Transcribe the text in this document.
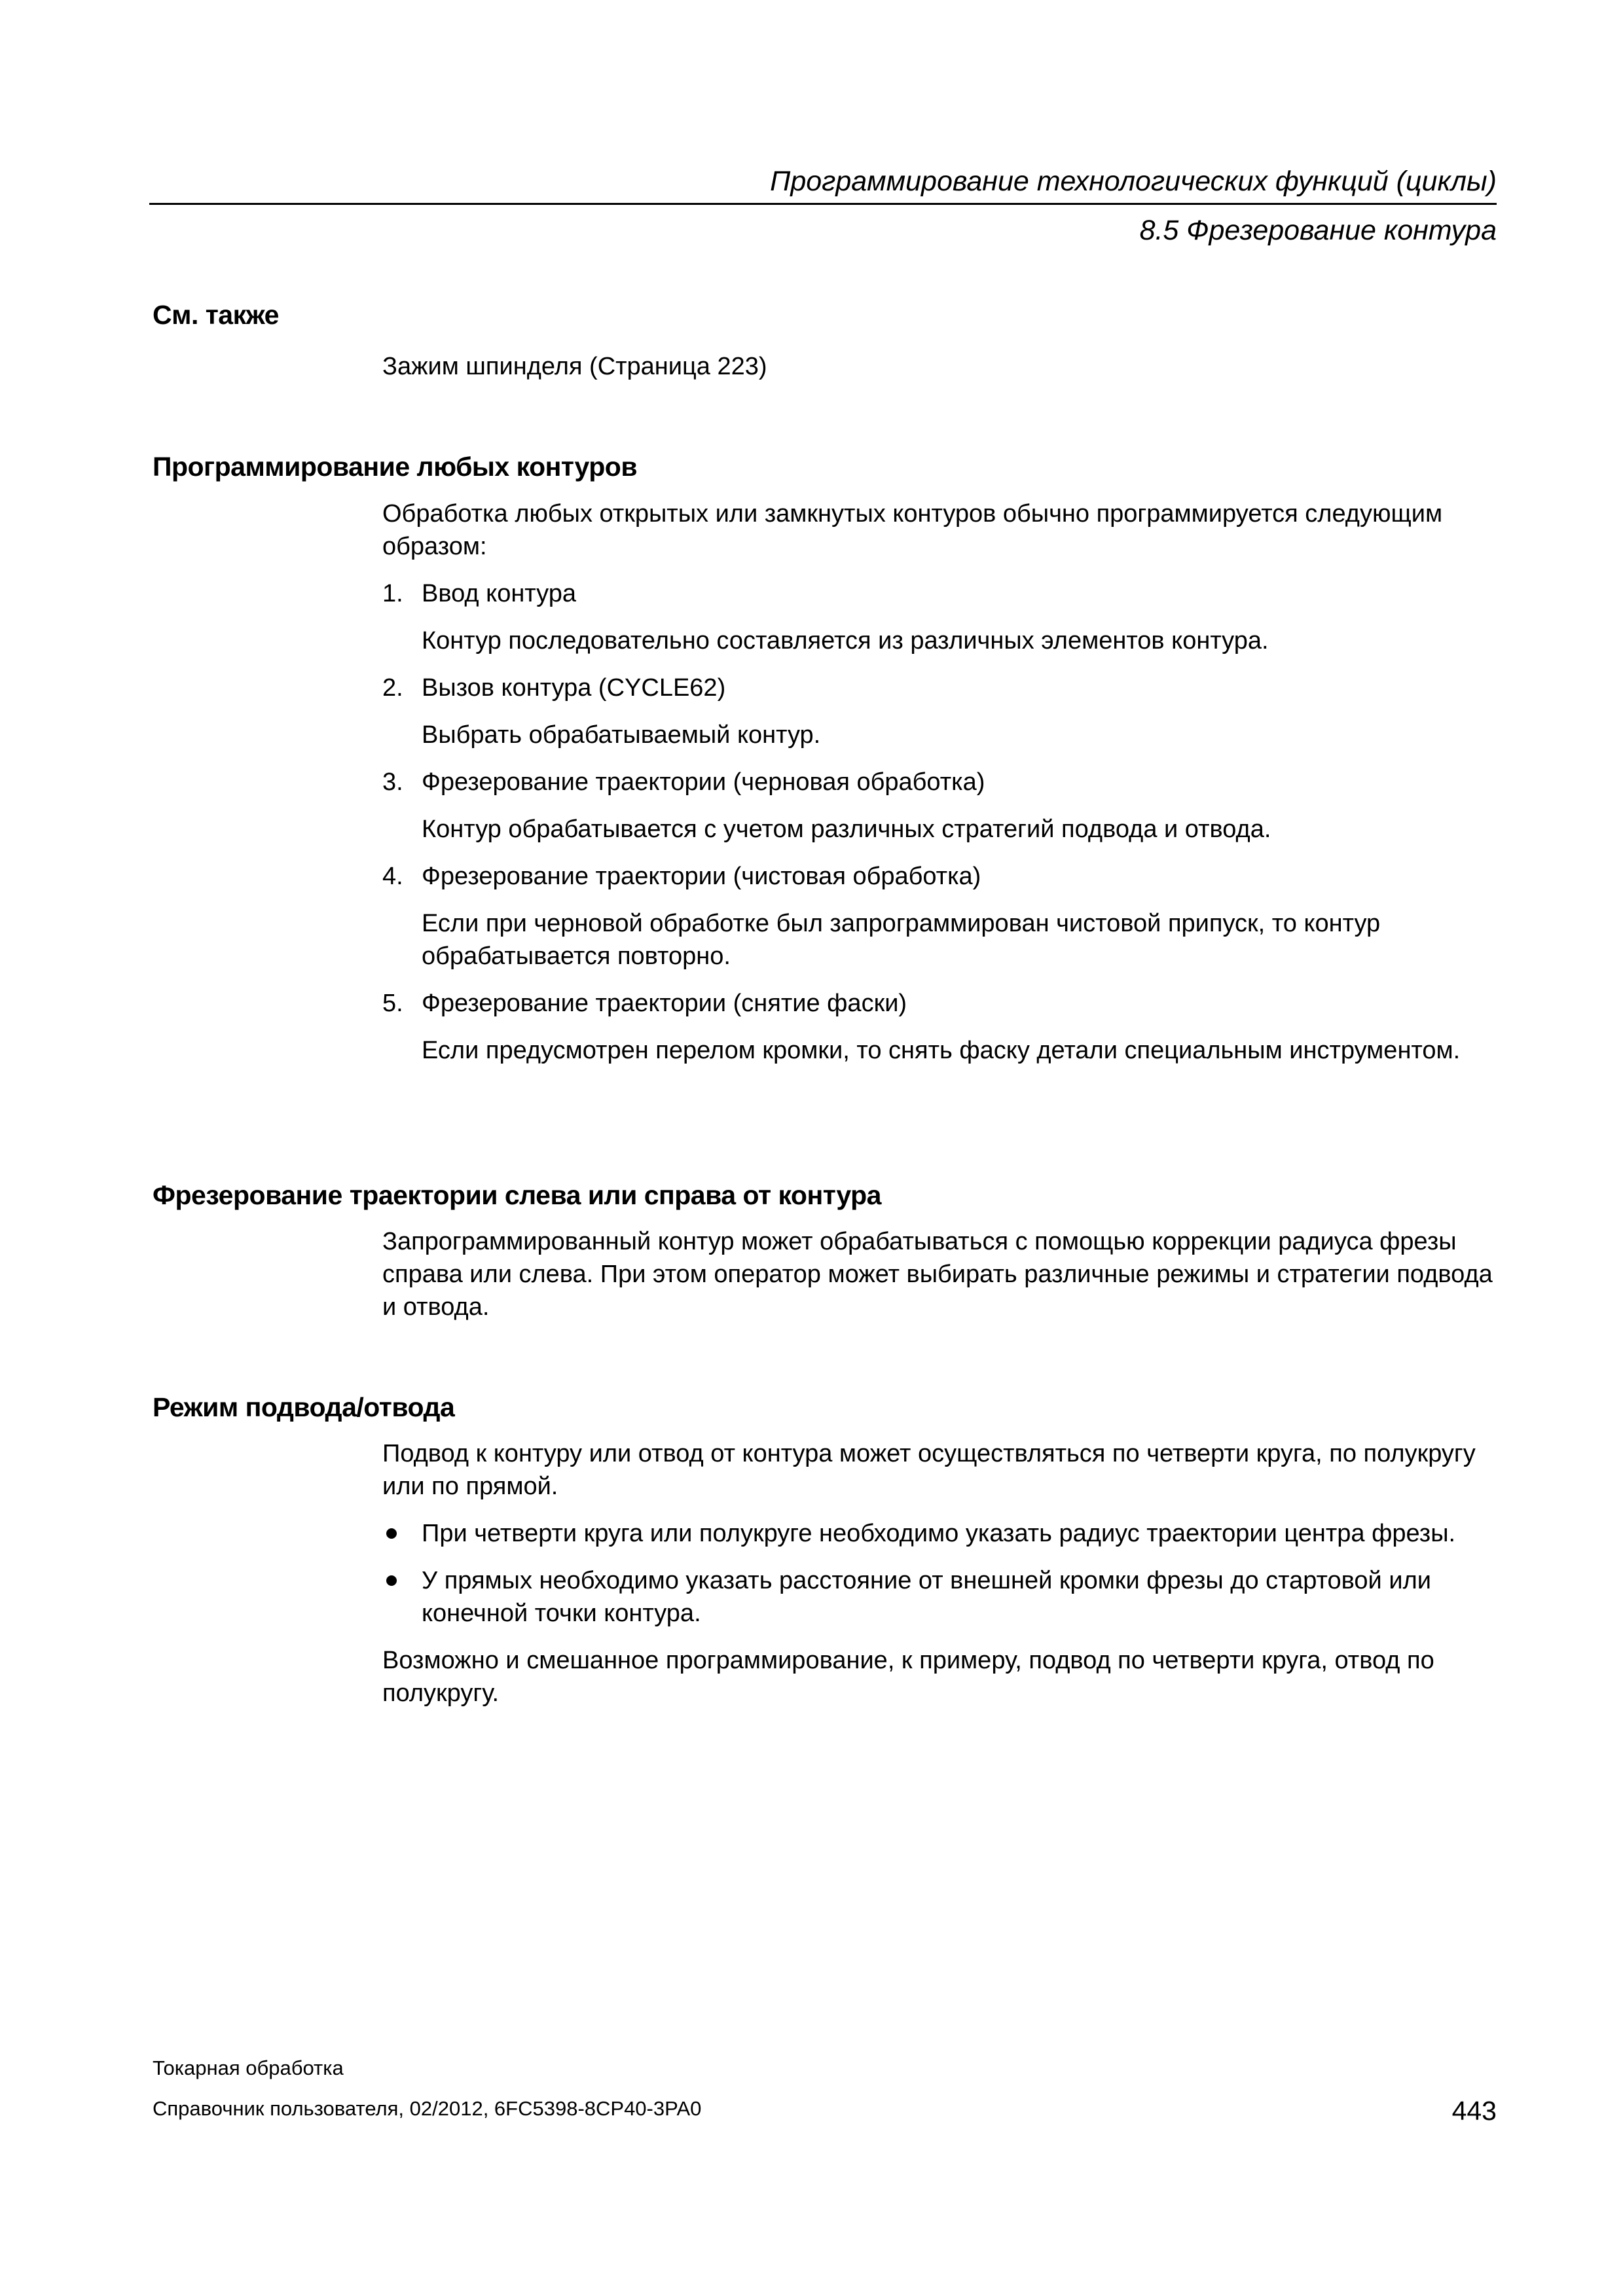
Программирование технологических функций (циклы)
8.5 Фрезерование контура
См. также

Зажим шпинделя (Страница 223)

Программирование любых контуров

Обработка любых открытых или замкнутых контуров обычно программируется следующим образом:

1. Ввод контура

Контур последовательно составляется из различных элементов контура.

2. Вызов контура (CYCLE62)

Выбрать обрабатываемый контур.

3. Фрезерование траектории (черновая обработка)

Контур обрабатывается с учетом различных стратегий подвода и отвода.

4. Фрезерование траектории (чистовая обработка)

Если при черновой обработке был запрограммирован чистовой припуск, то контур обрабатывается повторно.

5. Фрезерование траектории (снятие фаски)

Если предусмотрен перелом кромки, то снять фаску детали специальным инструментом.

Фрезерование траектории слева или справа от контура

Запрограммированный контур может обрабатываться с помощью коррекции радиуса фрезы справа или слева. При этом оператор может выбирать различные режимы и стратегии подвода и отвода.

Режим подвода/отвода

Подвод к контуру или отвод от контура может осуществляться по четверти круга, по полукругу или по прямой.

При четверти круга или полукруге необходимо указать радиус траектории центра фрезы.
У прямых необходимо указать расстояние от внешней кромки фрезы до стартовой или конечной точки контура.

Возможно и смешанное программирование, к примеру, подвод по четверти круга, отвод по полукругу.

Токарная обработка
Справочник пользователя, 02/2012, 6FC5398-8CP40-3PA0	443
